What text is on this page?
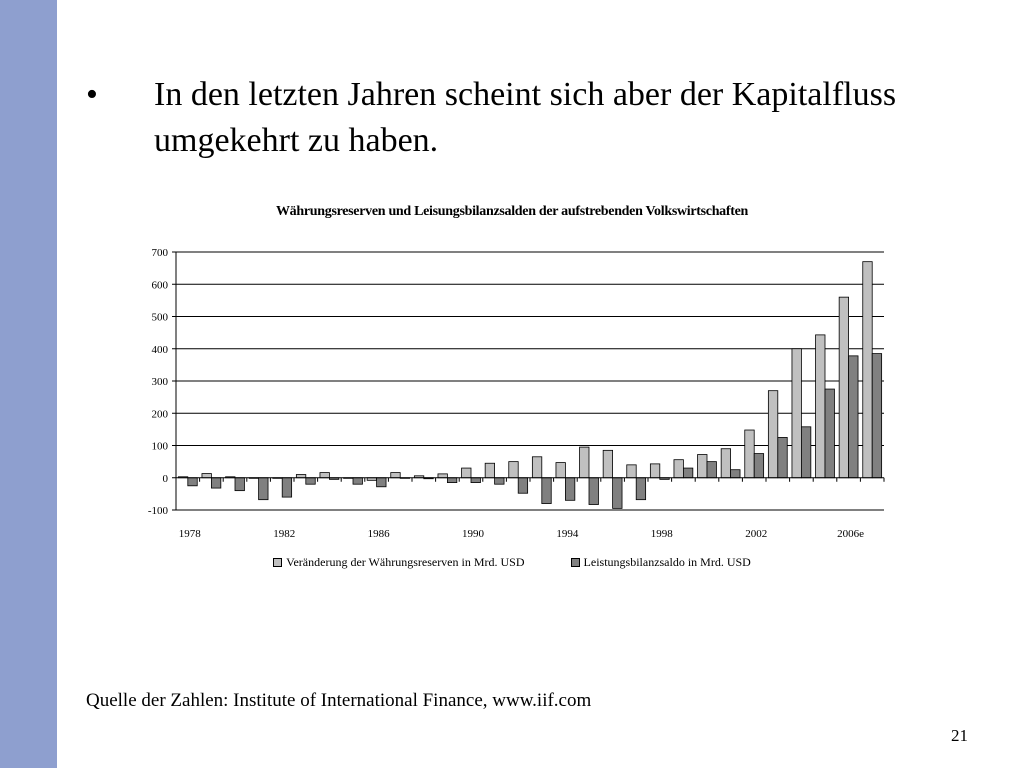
• In den letzten Jahren scheint sich aber der Kapitalfluss umgekehrt zu haben.
Währungsreserven und Leisungsbilanzsalden der aufstrebenden Volkswirtschaften
-100
0
100
200
300
400
500
600
700
1978	1982	1986	1990	1994	1998	2002	2006e
Veränderung der Währungsreserven in Mrd. USD	Leistungsbilanzsaldo in Mrd. USD
Quelle der Zahlen: Institute of International Finance, www.iif.com
21
